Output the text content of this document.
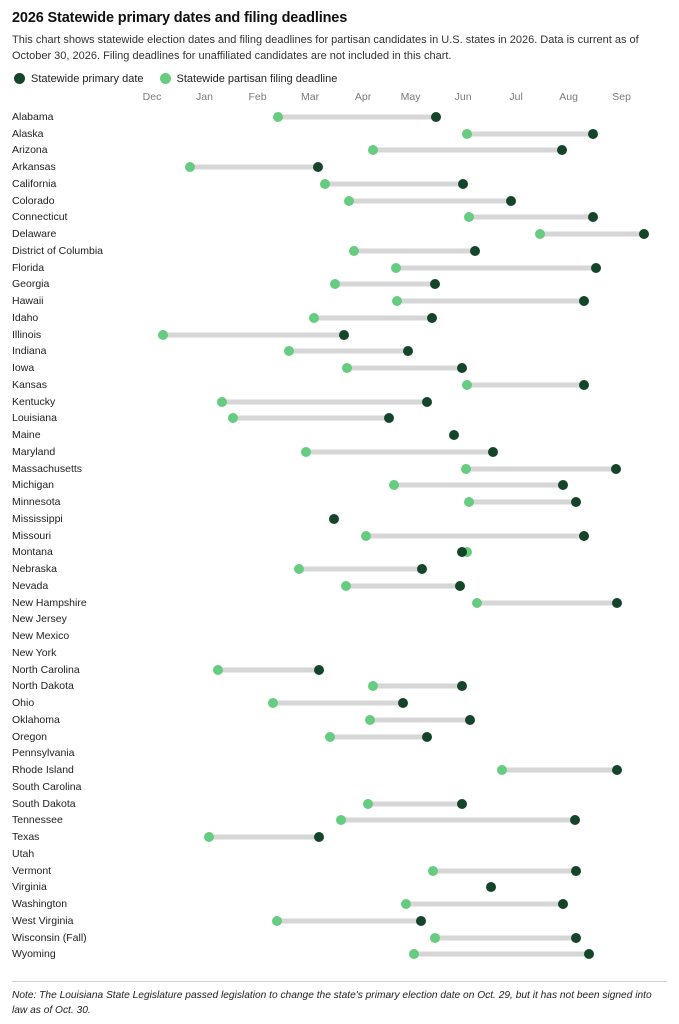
2026 Statewide primary dates and filing deadlines

This chart shows statewide election dates and filing deadlines for partisan candidates in U.S. states in 2026. Data is current as of October 30, 2026. Filing deadlines for unaffiliated candidates are not included in this chart.

Statewide primary date	Statewide partisan filing deadline
Dec	Jan	Feb	Mar	Apr	May	Jun	Jul	Aug	Sep
Alabama
Alaska
Arizona
Arkansas
California
Colorado
Connecticut
Delaware
District of Columbia
Florida
Georgia
Hawaii
Idaho
Illinois
Indiana
Iowa
Kansas
Kentucky
Louisiana
Maine
Maryland
Massachusetts
Michigan
Minnesota
Mississippi
Missouri
Montana
Nebraska
Nevada
New Hampshire
New Jersey
New Mexico
New York
North Carolina
North Dakota
Ohio
Oklahoma
Oregon
Pennsylvania
Rhode Island
South Carolina
South Dakota
Tennessee
Texas
Utah
Vermont
Virginia
Washington
West Virginia
Wisconsin (Fall)
Wyoming
Note: The Louisiana State Legislature passed legislation to change the state's primary election date on Oct. 29, but it has not been signed into law as of Oct. 30.
